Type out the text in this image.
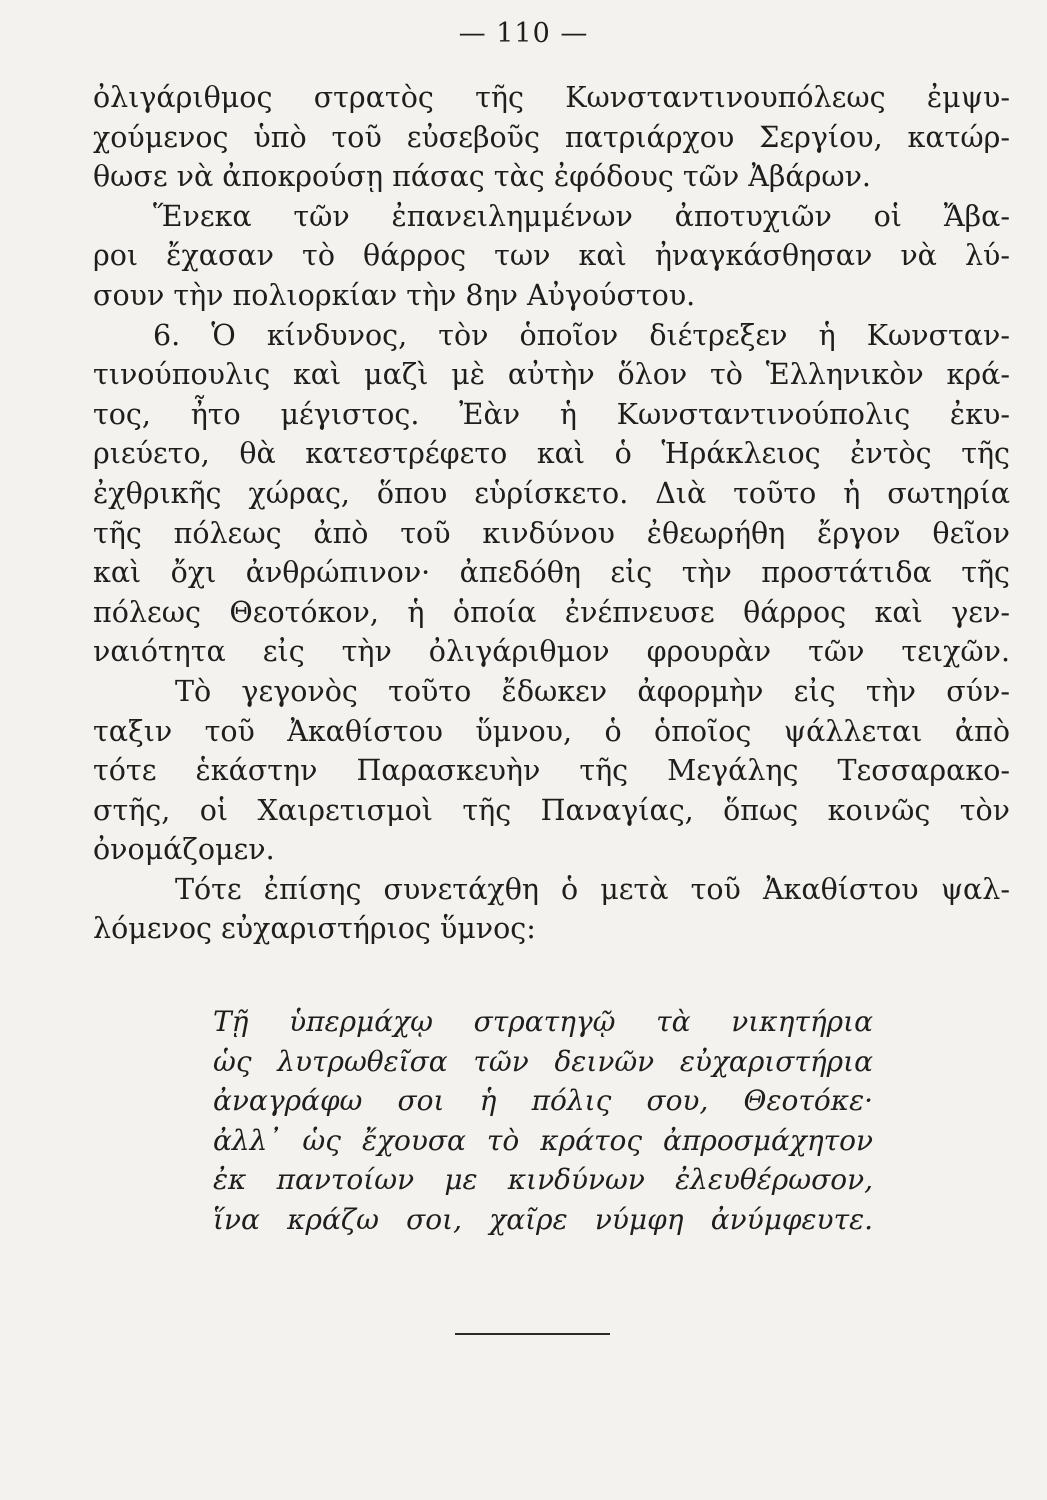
— 110 —
ὀλιγάριθμος στρατὸς τῆς Κωνσταντινουπόλεως ἐμψυ-
χούμενος ὑπὸ τοῦ εὐσεβοῦς πατριάρχου Σεργίου, κατώρ-
θωσε νὰ ἀποκρούσῃ πάσας τὰς ἐφόδους τῶν Ἀβάρων.
Ἕνεκα τῶν ἐπανειλημμένων ἀποτυχιῶν οἱ Ἄβα-
ροι ἔχασαν τὸ θάρρος των καὶ ἠναγκάσθησαν νὰ λύ-
σουν τὴν πολιορκίαν τὴν 8ην Αὐγούστου.
6. Ὁ κίνδυνος, τὸν ὁποῖον διέτρεξεν ἡ Κωνσταν-
τινούπουλις καὶ μαζὶ μὲ αὐτὴν ὅλον τὸ Ἑλληνικὸν κρά-
τος, ἦτο μέγιστος. Ἐὰν ἡ Κωνσταντινούπολις ἐκυ-
ριεύετο, θὰ κατεστρέφετο καὶ ὁ Ἡράκλειος ἐντὸς τῆς
ἐχθρικῆς χώρας, ὅπου εὑρίσκετο. Διὰ τοῦτο ἡ σωτηρία
τῆς πόλεως ἀπὸ τοῦ κινδύνου ἐθεωρήθη ἔργον θεῖον
καὶ ὄχι ἀνθρώπινον· ἀπεδόθη εἰς τὴν προστάτιδα τῆς
πόλεως Θεοτόκον, ἡ ὁποία ἐνέπνευσε θάρρος καὶ γεν-
ναιότητα εἰς τὴν ὀλιγάριθμον φρουρὰν τῶν τειχῶν.
Τὸ γεγονὸς τοῦτο ἔδωκεν ἀφορμὴν εἰς τὴν σύν-
ταξιν τοῦ Ἀκαθίστου ὕμνου, ὁ ὁποῖος ψάλλεται ἀπὸ
τότε ἑκάστην Παρασκευὴν τῆς Μεγάλης Τεσσαρακο-
στῆς, οἱ Χαιρετισμοὶ τῆς Παναγίας, ὅπως κοινῶς τὸν
ὀνομάζομεν.
Τότε ἐπίσης συνετάχθη ὁ μετὰ τοῦ Ἀκαθίστου ψαλ-
λόμενος εὐχαριστήριος ὕμνος:
Τῇ ὑπερμάχῳ στρατηγῷ τὰ νικητήρια
ὡς λυτρωθεῖσα τῶν δεινῶν εὐχαριστήρια
ἀναγράφω σοι ἡ πόλις σου, Θεοτόκε·
ἀλλ᾽ ὡς ἔχουσα τὸ κράτος ἀπροσμάχητον
ἐκ παντοίων με κινδύνων ἐλευθέρωσον,
ἵνα κράζω σοι, χαῖρε νύμφη ἀνύμφευτε.
